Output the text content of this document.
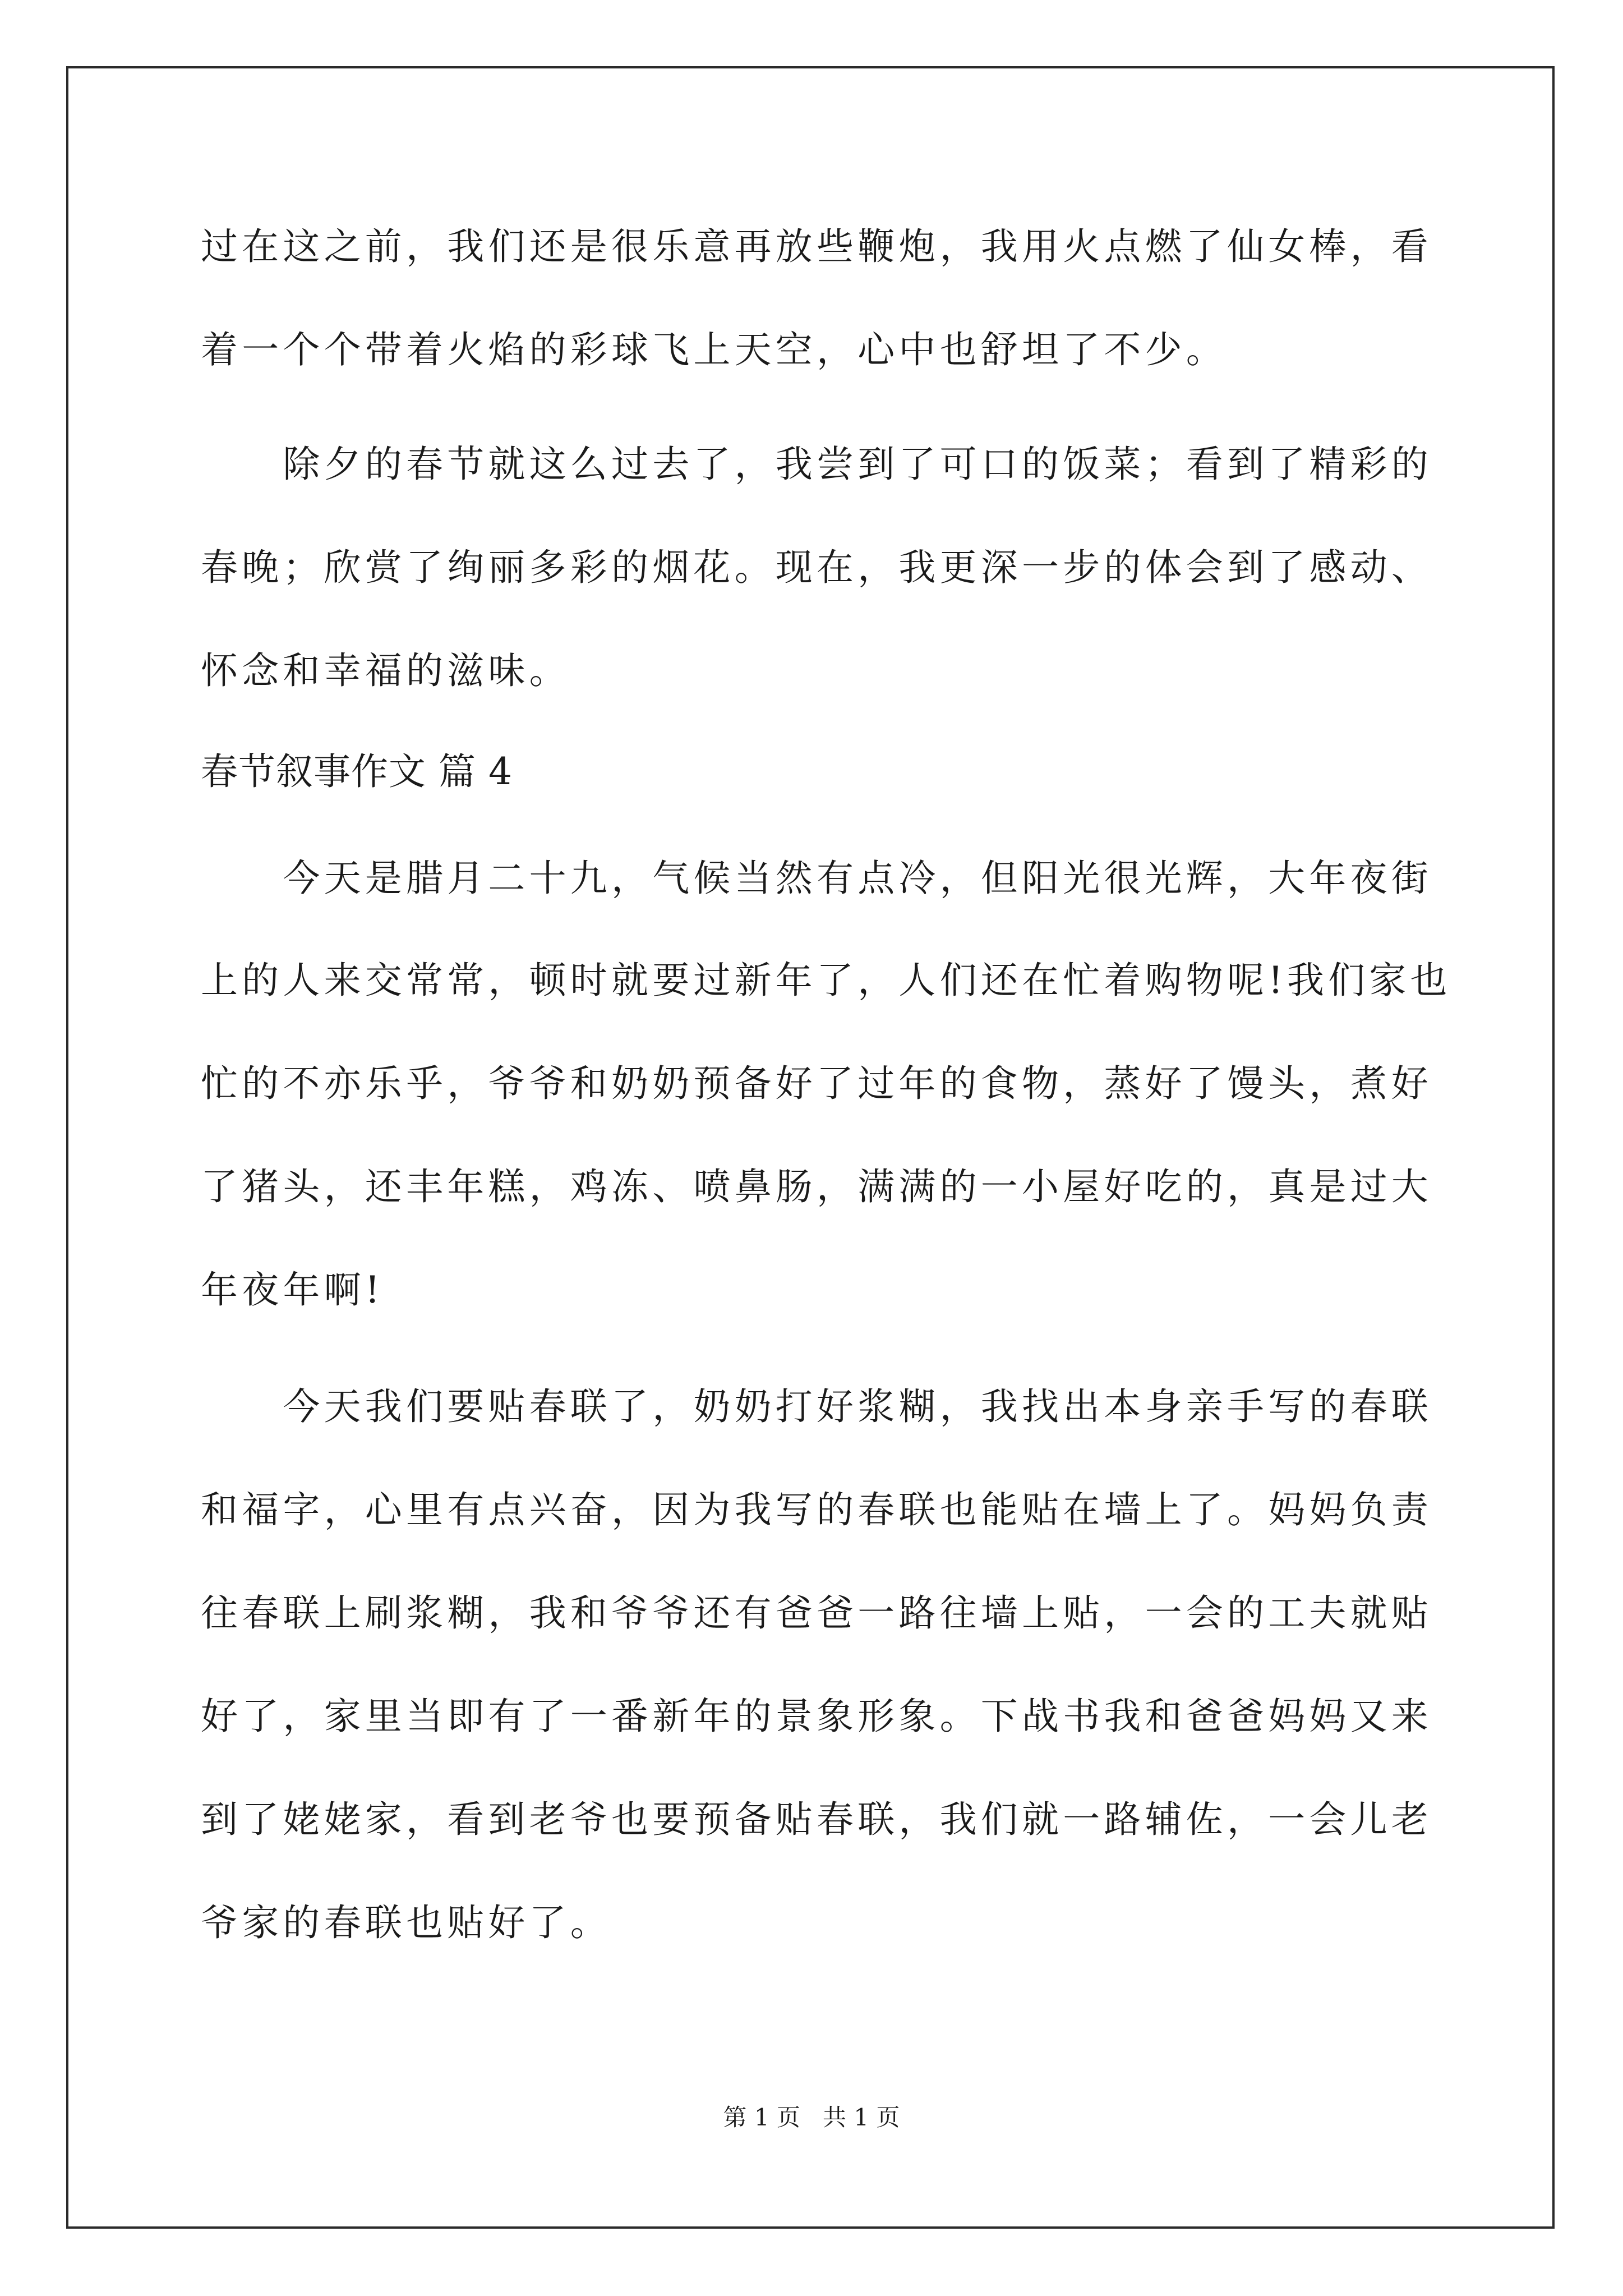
过在这之前，我们还是很乐意再放些鞭炮，我用火点燃了仙女棒，看
着一个个带着火焰的彩球飞上天空，心中也舒坦了不少。
　　除夕的春节就这么过去了，我尝到了可口的饭菜；看到了精彩的
春晚；欣赏了绚丽多彩的烟花。现在，我更深一步的体会到了感动、
怀念和幸福的滋味。
春节叙事作文 篇 4
　　今天是腊月二十九，气候当然有点冷，但阳光很光辉，大年夜街
上的人来交常常，顿时就要过新年了，人们还在忙着购物呢!我们家也
忙的不亦乐乎，爷爷和奶奶预备好了过年的食物，蒸好了馒头，煮好
了猪头，还丰年糕，鸡冻、喷鼻肠，满满的一小屋好吃的，真是过大
年夜年啊!
　　今天我们要贴春联了，奶奶打好浆糊，我找出本身亲手写的春联
和福字，心里有点兴奋，因为我写的春联也能贴在墙上了。妈妈负责
往春联上刷浆糊，我和爷爷还有爸爸一路往墙上贴，一会的工夫就贴
好了，家里当即有了一番新年的景象形象。下战书我和爸爸妈妈又来
到了姥姥家，看到老爷也要预备贴春联，我们就一路辅佐，一会儿老
爷家的春联也贴好了。
第 1 页 共 1 页
